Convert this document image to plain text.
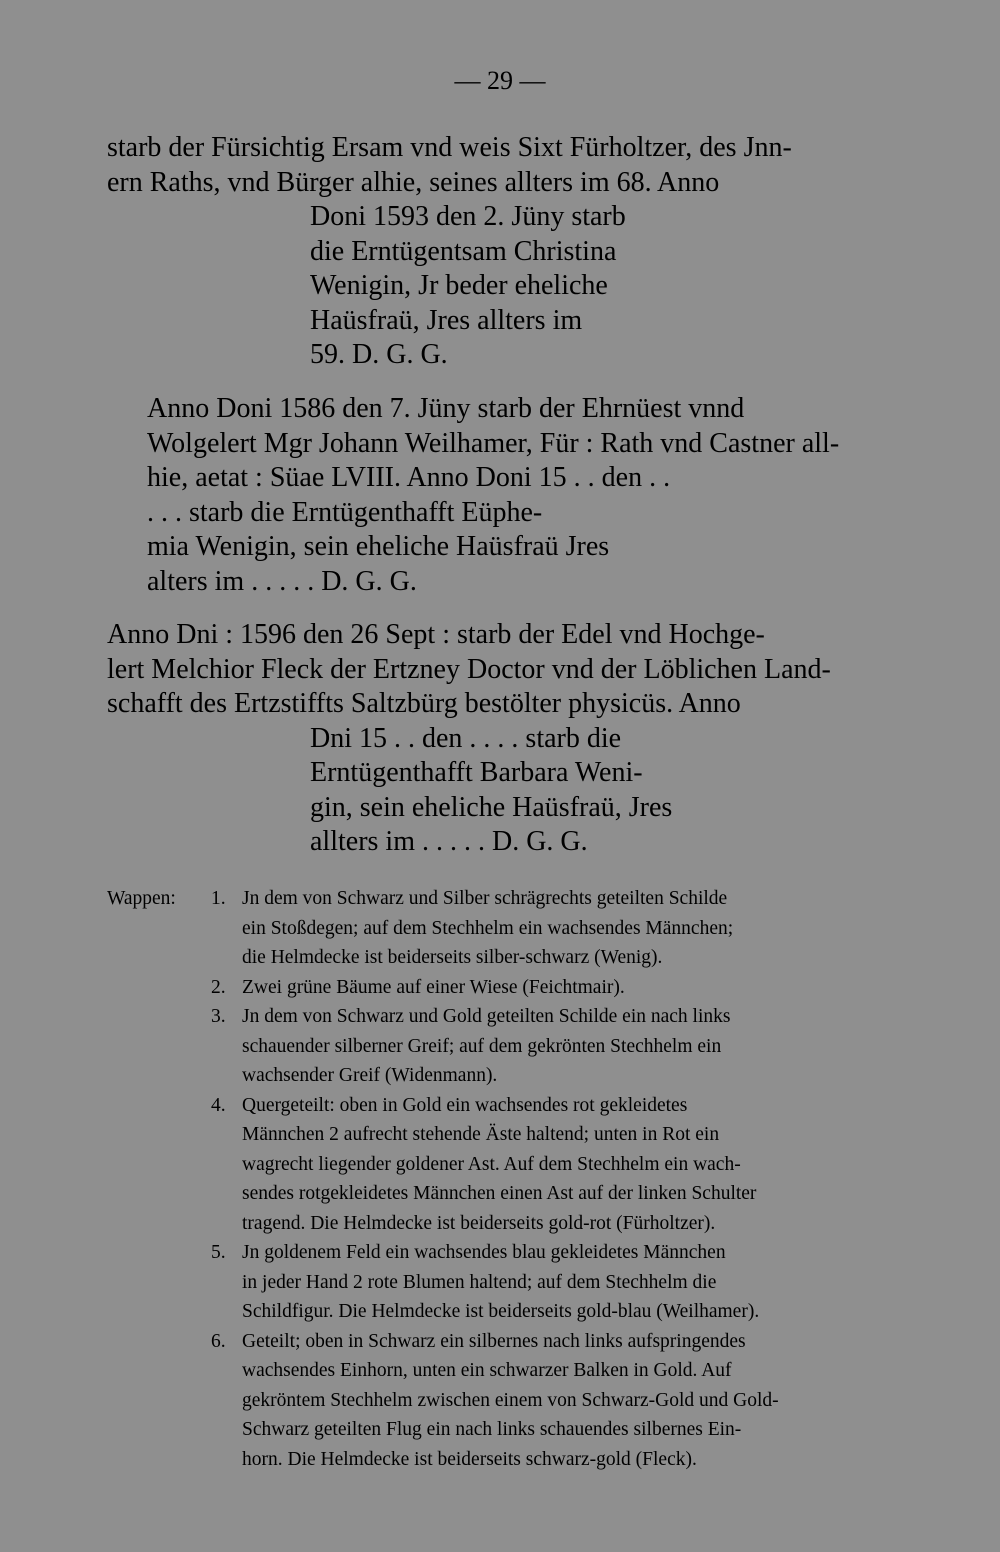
— 29 —
starb der Fürsichtig Ersam vnd weis Sixt Fürholtzer, des Jnn-
ern Raths, vnd Bürger alhie, seines allters im 68. Anno
Doni 1593 den 2. Jüny starb
die Erntügentsam Christina
Wenigin, Jr beder eheliche
Haüsfraü, Jres allters im
59. D. G. G.
Anno Doni 1586 den 7. Jüny starb der Ehrnüest vnnd
Wolgelert Mgr Johann Weilhamer, Für : Rath vnd Castner all-
hie, aetat : Süae LVIII. Anno Doni 15 . . den . .
. . . starb die Erntügenthafft Eüphe-
mia Wenigin, sein eheliche Haüsfraü Jres
alters im . . . . . D. G. G.
Anno Dni : 1596 den 26 Sept : starb der Edel vnd Hochge-
lert Melchior Fleck der Ertzney Doctor vnd der Löblichen Land-
schafft des Ertzstiffts Saltzbürg bestölter physicüs. Anno
Dni 15 . . den . . . . starb die
Erntügenthafft Barbara Weni-
gin, sein eheliche Haüsfraü, Jres
allters im . . . . . D. G. G.
Wappen: 1. Jn dem von Schwarz und Silber schrägrechts geteilten Schilde
ein Stoßdegen; auf dem Stechhelm ein wachsendes Männchen;
die Helmdecke ist beiderseits silber-schwarz (Wenig).
2. Zwei grüne Bäume auf einer Wiese (Feichtmair).
3. Jn dem von Schwarz und Gold geteilten Schilde ein nach links
schauender silberner Greif; auf dem gekrönten Stechhelm ein
wachsender Greif (Widenmann).
4. Quergeteilt: oben in Gold ein wachsendes rot gekleidetes
Männchen 2 aufrecht stehende Äste haltend; unten in Rot ein
wagrecht liegender goldener Ast. Auf dem Stechhelm ein wach-
sendes rotgekleidetes Männchen einen Ast auf der linken Schulter
tragend. Die Helmdecke ist beiderseits gold-rot (Fürholtzer).
5. Jn goldenem Feld ein wachsendes blau gekleidetes Männchen
in jeder Hand 2 rote Blumen haltend; auf dem Stechhelm die
Schildfigur. Die Helmdecke ist beiderseits gold-blau (Weilhamer).
6. Geteilt; oben in Schwarz ein silbernes nach links aufspringendes
wachsendes Einhorn, unten ein schwarzer Balken in Gold. Auf
gekröntem Stechhelm zwischen einem von Schwarz-Gold und Gold-
Schwarz geteilten Flug ein nach links schauendes silbernes Ein-
horn. Die Helmdecke ist beiderseits schwarz-gold (Fleck).
